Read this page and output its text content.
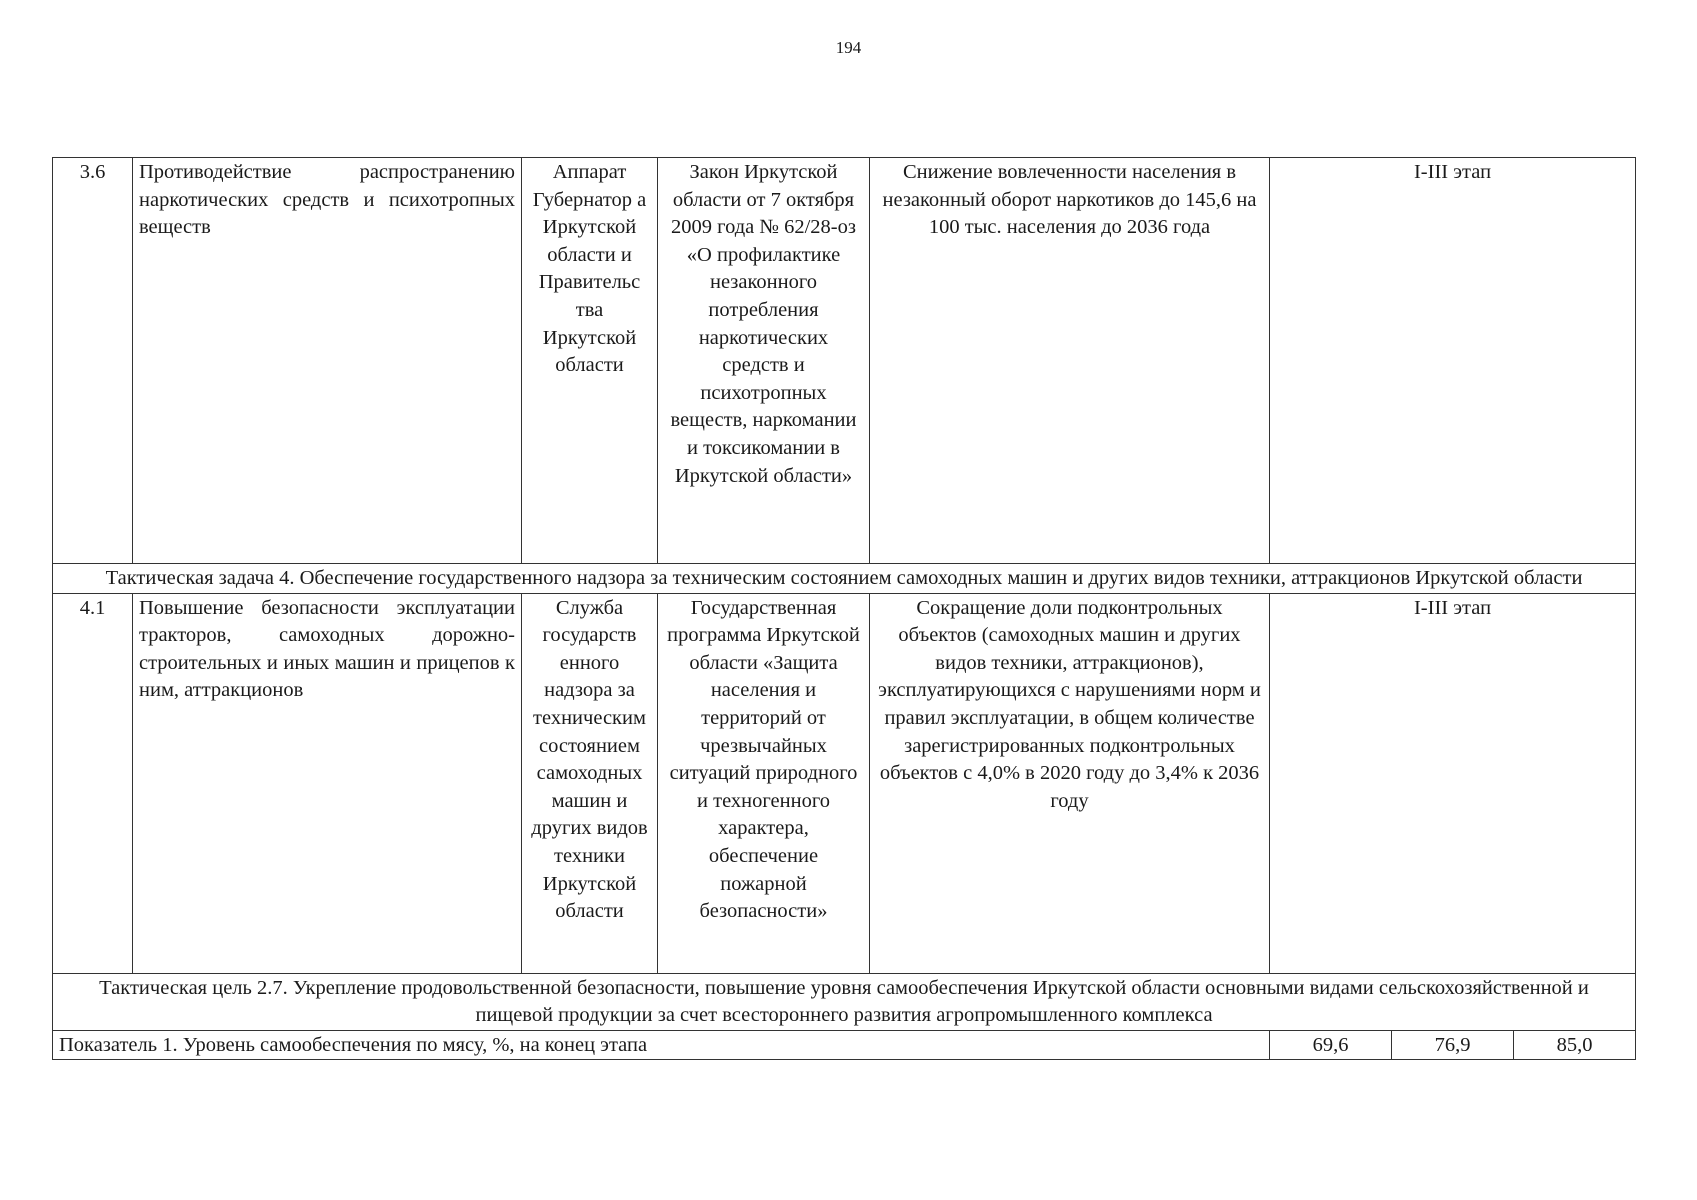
194
3.6	Противодействие распространению наркотических средств и психотропных веществ	Аппарат Губернатор а Иркутской области и Правительс тва Иркутской области	Закон Иркутской области от 7 октября 2009 года № 62/28-оз «О профилактике незаконного потребления наркотических средств и психотропных веществ, наркомании и токсикомании в Иркутской области»	Снижение вовлеченности населения в незаконный оборот наркотиков до 145,6 на 100 тыс. населения до 2036 года	I-III этап		
Тактическая задача 4. Обеспечение государственного надзора за техническим состоянием самоходных машин и других видов техники, аттракционов Иркутской области							
4.1	Повышение безопасности эксплуатации тракторов, самоходных дорожно-строительных и иных машин и прицепов к ним, аттракционов	Служба государств енного надзора за техническим состоянием самоходных машин и других видов техники Иркутской области	Государственная программа Иркутской области «Защита населения и территорий от чрезвычайных ситуаций природного и техногенного характера, обеспечение пожарной безопасности»	Сокращение доли подконтрольных объектов (самоходных машин и других видов техники, аттракционов), эксплуатирующихся с нарушениями норм и правил эксплуатации, в общем количестве зарегистрированных подконтрольных объектов с 4,0% в 2020 году до 3,4% к 2036 году	I-III этап		
Тактическая цель 2.7. Укрепление продовольственной безопасности, повышение уровня самообеспечения Иркутской области основными видами сельскохозяйственной и пищевой продукции за счет всестороннего развития агропромышленного комплекса							
Показатель 1. Уровень самообеспечения по мясу, %, на конец этапа					69,6	76,9	85,0
